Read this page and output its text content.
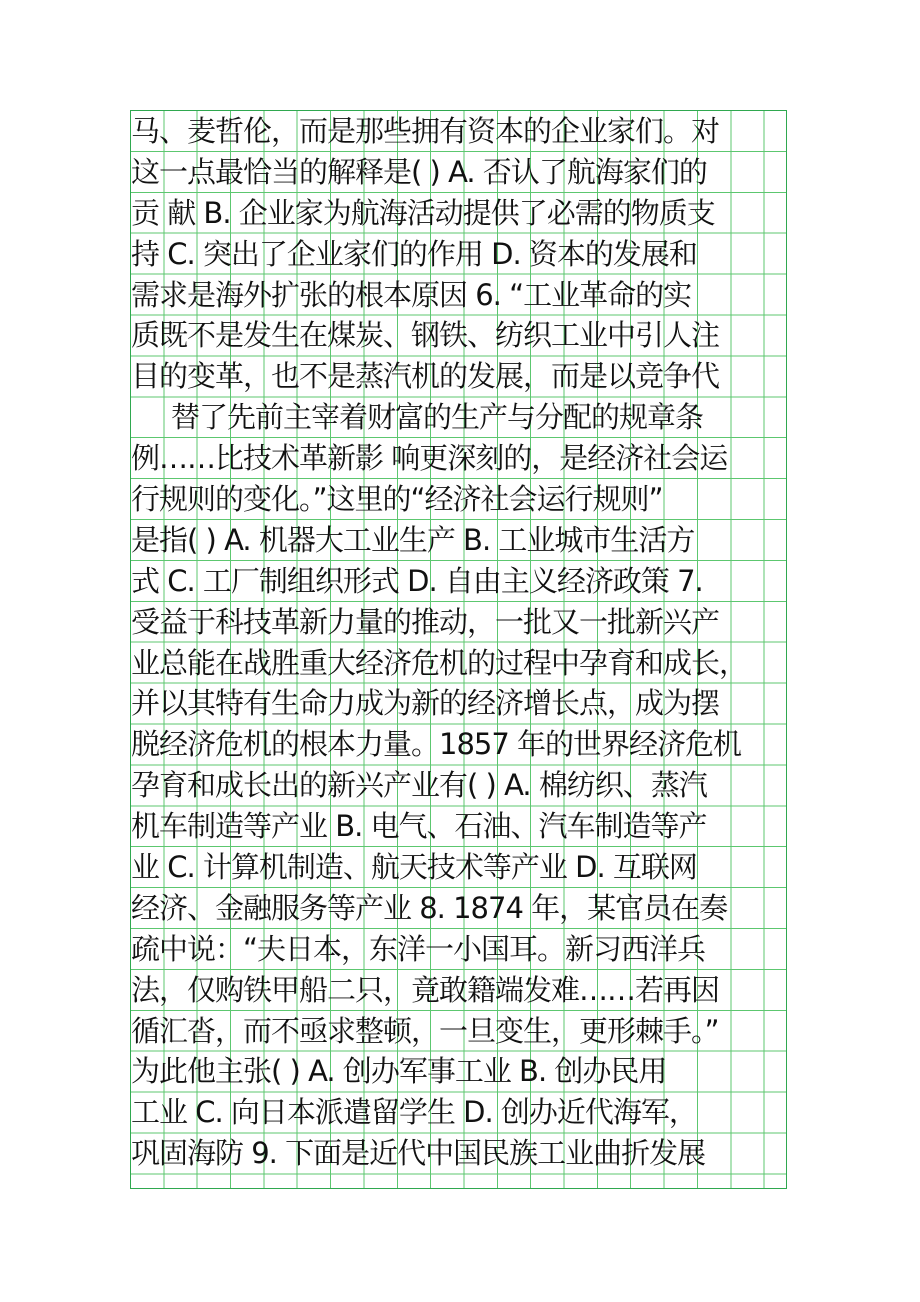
马、麦哲伦，而是那些拥有资本的企业家们。对
这一点最恰当的解释是( ) A. 否认了航海家们的
贡 献 B. 企业家为航海活动提供了必需的物质支
持 C. 突出了企业家们的作用 D. 资本的发展和
需求是海外扩张的根本原因 6. “工业革命的实
质既不是发生在煤炭、钢铁、纺织工业中引人注
目的变革，也不是蒸汽机的发展，而是以竞争代
替了先前主宰着财富的生产与分配的规章条
例……比技术革新影 响更深刻的，是经济社会运
行规则的变化。”这里的“经济社会运行规则”
是指( ) A. 机器大工业生产 B. 工业城市生活方
式 C. 工厂制组织形式 D. 自由主义经济政策 7.
受益于科技革新力量的推动，一批又一批新兴产
业总能在战胜重大经济危机的过程中孕育和成长，
并以其特有生命力成为新的经济增长点，成为摆
脱经济危机的根本力量。1857 年的世界经济危机
孕育和成长出的新兴产业有( ) A. 棉纺织、蒸汽
机车制造等产业 B. 电气、石油、汽车制造等产
业 C. 计算机制造、航天技术等产业 D. 互联网
经济、金融服务等产业 8. 1874 年，某官员在奏
疏中说：“夫日本，东洋一小国耳。新习西洋兵
法，仅购铁甲船二只，竟敢籍端发难……若再因
循汇沓，而不亟求整顿，一旦变生，更形棘手。”
为此他主张( ) A. 创办军事工业 B. 创办民用
工业 C. 向日本派遣留学生 D. 创办近代海军，
巩固海防 9. 下面是近代中国民族工业曲折发展
